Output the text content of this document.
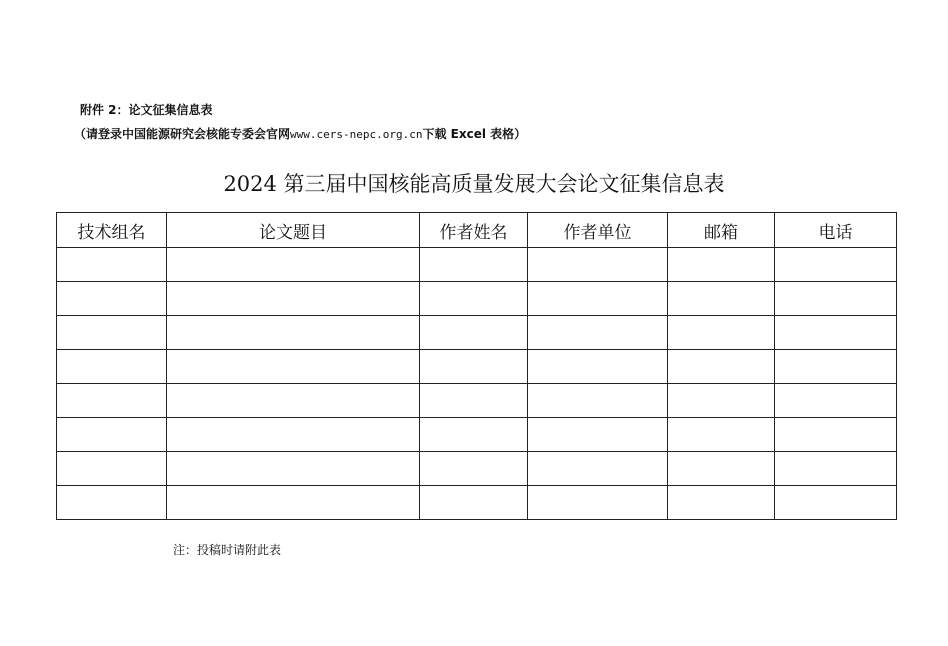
附件 2：论文征集信息表
（请登录中国能源研究会核能专委会官网www.cers-nepc.org.cn下载 Excel 表格）
2024 第三届中国核能高质量发展大会论文征集信息表
技术组名	论文题目	作者姓名	作者单位	邮箱	电话

注：投稿时请附此表
